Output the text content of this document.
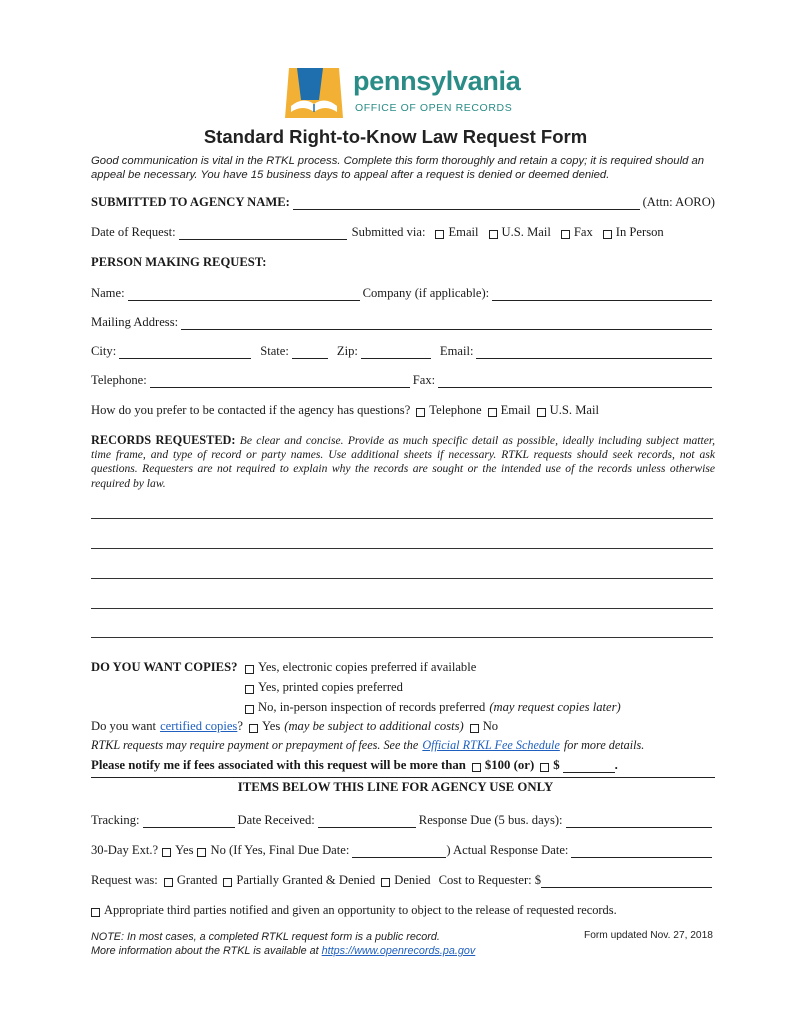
pennsylvania
OFFICE OF OPEN RECORDS
Standard Right-to-Know Law Request Form
Good communication is vital in the RTKL process. Complete this form thoroughly and retain a copy; it is required should an appeal be necessary. You have 15 business days to appeal after a request is denied or deemed denied.
SUBMITTED TO AGENCY NAME:	(Attn: AORO)
Date of Request:	Submitted via: Email U.S. Mail Fax In Person
PERSON MAKING REQUEST:
Name:	Company (if applicable):
Mailing Address:
City:	State:	Zip:	Email:
Telephone:	Fax:
How do you prefer to be contacted if the agency has questions? Telephone Email U.S. Mail
RECORDS REQUESTED: Be clear and concise. Provide as much specific detail as possible, ideally including subject matter, time frame, and type of record or party names. Use additional sheets if necessary. RTKL requests should seek records, not ask questions. Requesters are not required to explain why the records are sought or the intended use of the records unless otherwise required by law.
DO YOU WANT COPIES?	Yes, electronic copies preferred if available
Yes, printed copies preferred
No, in-person inspection of records preferred (may request copies later)
Do you want certified copies ? Yes (may be subject to additional costs) No
RTKL requests may require payment or prepayment of fees. See the Official RTKL Fee Schedule for more details.
Please notify me if fees associated with this request will be more than $100 (or) $	.
ITEMS BELOW THIS LINE FOR AGENCY USE ONLY
Tracking:	Date Received:	Response Due (5 bus. days):
30-Day Ext.? Yes No (If Yes, Final Due Date:	) Actual Response Date:
Request was: Granted Partially Granted & Denied Denied Cost to Requester: $
Appropriate third parties notified and given an opportunity to object to the release of requested records.
NOTE: In most cases, a completed RTKL request form is a public record.	Form updated Nov. 27, 2018
More information about the RTKL is available at https://www.openrecords.pa.gov
